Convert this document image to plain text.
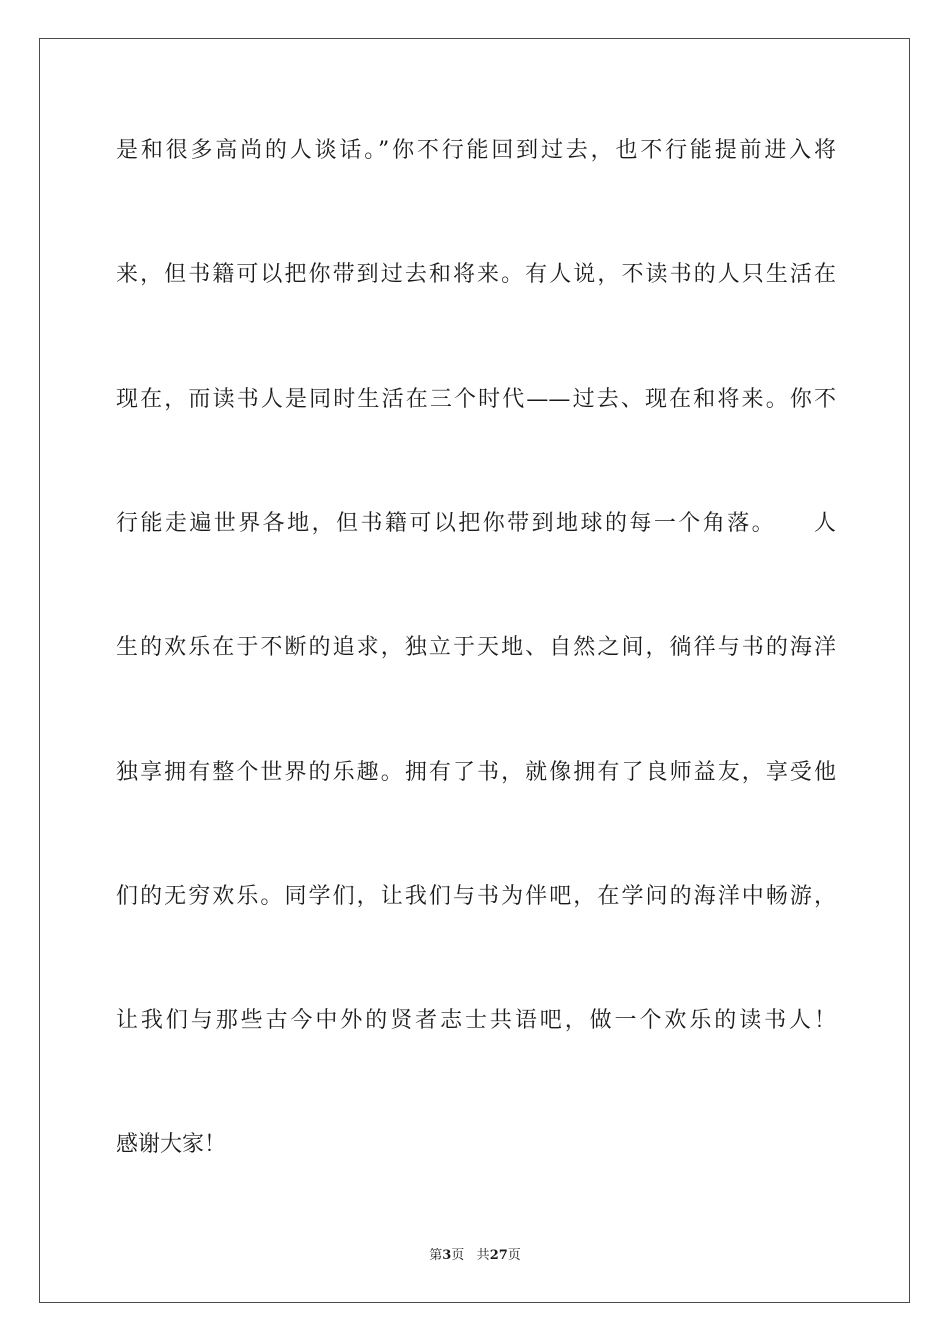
是和很多高尚的人谈话。”你不行能回到过去，也不行能提前进入将
来，但书籍可以把你带到过去和将来。有人说，不读书的人只生活在
现在，而读书人是同时生活在三个时代——过去、现在和将来。你不
行能走遍世界各地，但书籍可以把你带到地球的每一个角落。　　人
生的欢乐在于不断的追求，独立于天地、自然之间，徜徉与书的海洋
独享拥有整个世界的乐趣。拥有了书，就像拥有了良师益友，享受他
们的无穷欢乐。同学们，让我们与书为伴吧，在学问的海洋中畅游，
让我们与那些古今中外的贤者志士共语吧，做一个欢乐的读书人！
感谢大家！
第3页 共27页
